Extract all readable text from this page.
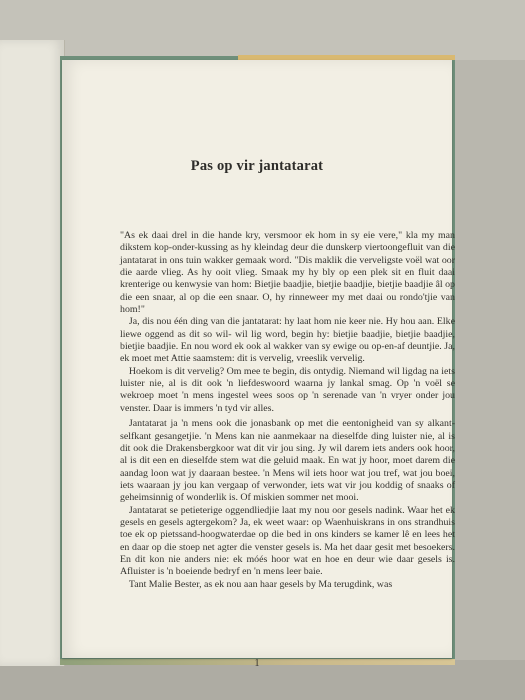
Pas op vir jantatarat

"As ek daai drel in die hande kry, versmoor ek hom in sy eie vere," kla my man dikstem kop-onder-kussing as hy kleindag deur die dunskerp viertoongefluit van die jantatarat in ons tuin wakker gemaak word. "Dis maklik die verveligste voël wat oor die aarde vlieg. As hy ooit vlieg. Smaak my hy bly op een plek sit en fluit daai krenterige ou kenwysie van hom: Bietjie baadjie, bietjie baadjie, bietjie baadjie âl op die een snaar, al op die een snaar. O, hy rinneweer my met daai ou rondo'tjie van hom!"

Ja, dis nou één ding van die jantatarat: hy laat hom nie keer nie. Hy hou aan. Elke liewe oggend as dit so wil- wil lig word, begin hy: bietjie baadjie, bietjie baadjie, bietjie baadjie. En nou word ek ook al wakker van sy ewige ou op-en-af deuntjie. Ja, ek moet met Attie saamstem: dit is vervelig, vreeslik vervelig.

Hoekom is dit vervelig? Om mee te begin, dis ontydig. Niemand wil ligdag na iets luister nie, al is dit ook 'n liefdeswoord waarna jy lankal smag. Op 'n voël se wekroep moet 'n mens ingestel wees soos op 'n serenade van 'n vryer onder jou venster. Daar is immers 'n tyd vir alles.

Jantatarat ja 'n mens ook die jonasbank op met die eentonigheid van sy alkant-selfkant gesangetjie. 'n Mens kan nie aanmekaar na dieselfde ding luister nie, al is dit ook die Drakensbergkoor wat dit vir jou sing. Jy wil darem iets anders ook hoor, al is dit een en dieselfde stem wat die geluid maak. En wat jy hoor, moet darem die aandag loon wat jy daaraan bestee. 'n Mens wil iets hoor wat jou tref, wat jou boei, iets waaraan jy jou kan vergaap of verwonder, iets wat vir jou koddig of snaaks of geheimsinnig of wonderlik is. Of miskien sommer net mooi.

Jantatarat se petieterige oggendliedjie laat my nou oor gesels nadink. Waar het ek gesels en gesels agtergekom? Ja, ek weet waar: op Waenhuiskrans in ons strandhuis toe ek op pietssand-hoogwaterdae op die bed in ons kinders se kamer lê en lees het en daar op die stoep net agter die venster gesels is. Ma het daar gesit met besoekers. En dit kon nie anders nie: ek móés hoor wat en hoe en deur wie daar gesels is. Afluister is 'n boeiende bedryf en 'n mens leer baie.

Tant Malie Bester, as ek nou aan haar gesels by Ma terugdink, was

1
